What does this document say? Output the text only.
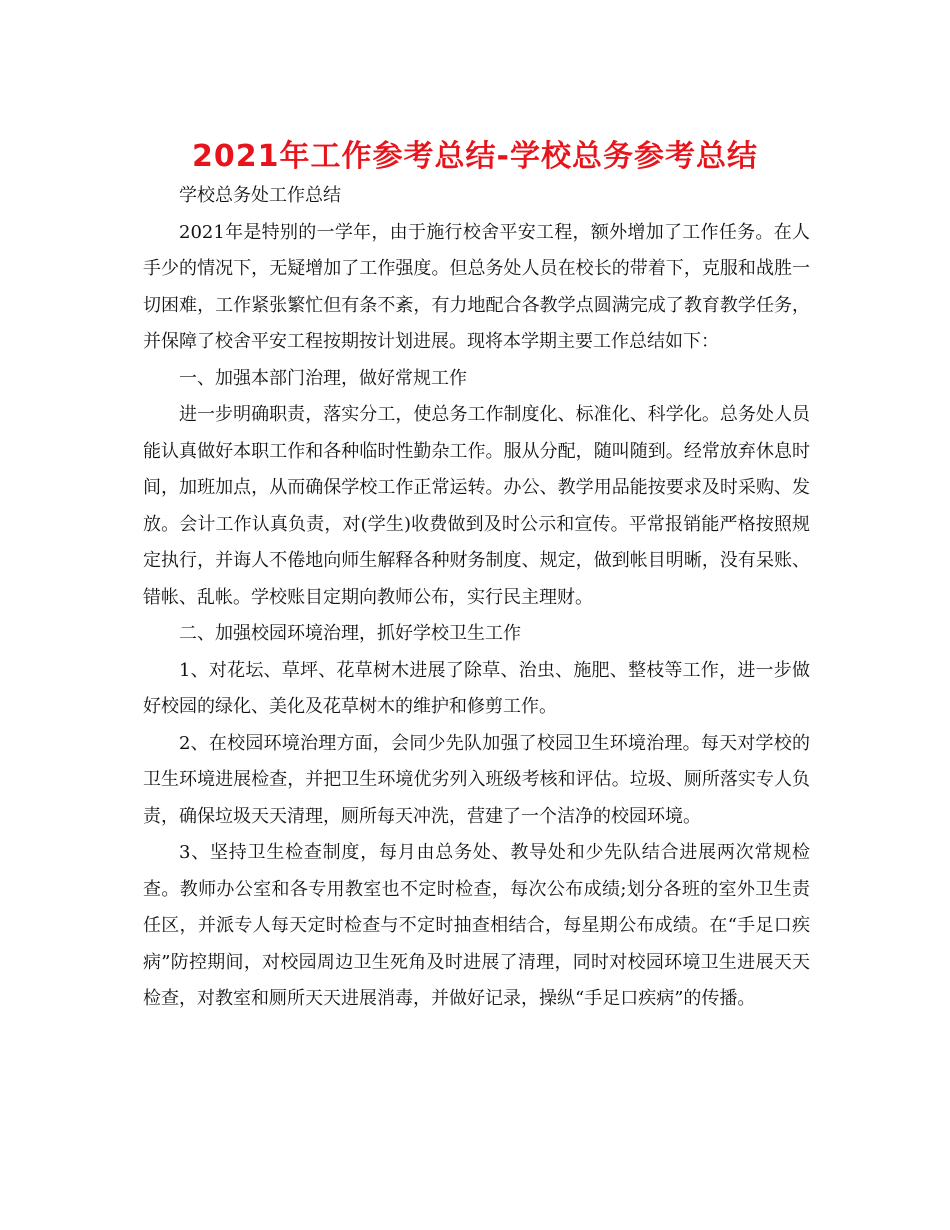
2021年工作参考总结-学校总务参考总结

学校总务处工作总结

2021年是特别的一学年，由于施行校舍平安工程，额外增加了工作任务。在人手少的情况下，无疑增加了工作强度。但总务处人员在校长的带着下，克服和战胜一切困难，工作紧张繁忙但有条不紊，有力地配合各教学点圆满完成了教育教学任务，并保障了校舍平安工程按期按计划进展。现将本学期主要工作总结如下：

一、加强本部门治理，做好常规工作

进一步明确职责，落实分工，使总务工作制度化、标准化、科学化。总务处人员能认真做好本职工作和各种临时性勤杂工作。服从分配，随叫随到。经常放弃休息时间，加班加点，从而确保学校工作正常运转。办公、教学用品能按要求及时采购、发放。会计工作认真负责，对(学生)收费做到及时公示和宣传。平常报销能严格按照规定执行，并诲人不倦地向师生解释各种财务制度、规定，做到帐目明晰，没有呆账、错帐、乱帐。学校账目定期向教师公布，实行民主理财。

二、加强校园环境治理，抓好学校卫生工作

1、对花坛、草坪、花草树木进展了除草、治虫、施肥、整枝等工作，进一步做好校园的绿化、美化及花草树木的维护和修剪工作。

2、在校园环境治理方面，会同少先队加强了校园卫生环境治理。每天对学校的卫生环境进展检查，并把卫生环境优劣列入班级考核和评估。垃圾、厕所落实专人负责，确保垃圾天天清理，厕所每天冲洗，营建了一个洁净的校园环境。

3、坚持卫生检查制度，每月由总务处、教导处和少先队结合进展两次常规检查。教师办公室和各专用教室也不定时检查，每次公布成绩;划分各班的室外卫生责任区，并派专人每天定时检查与不定时抽查相结合，每星期公布成绩。在“手足口疾病”防控期间，对校园周边卫生死角及时进展了清理，同时对校园环境卫生进展天天检查，对教室和厕所天天进展消毒，并做好记录，操纵“手足口疾病”的传播。
